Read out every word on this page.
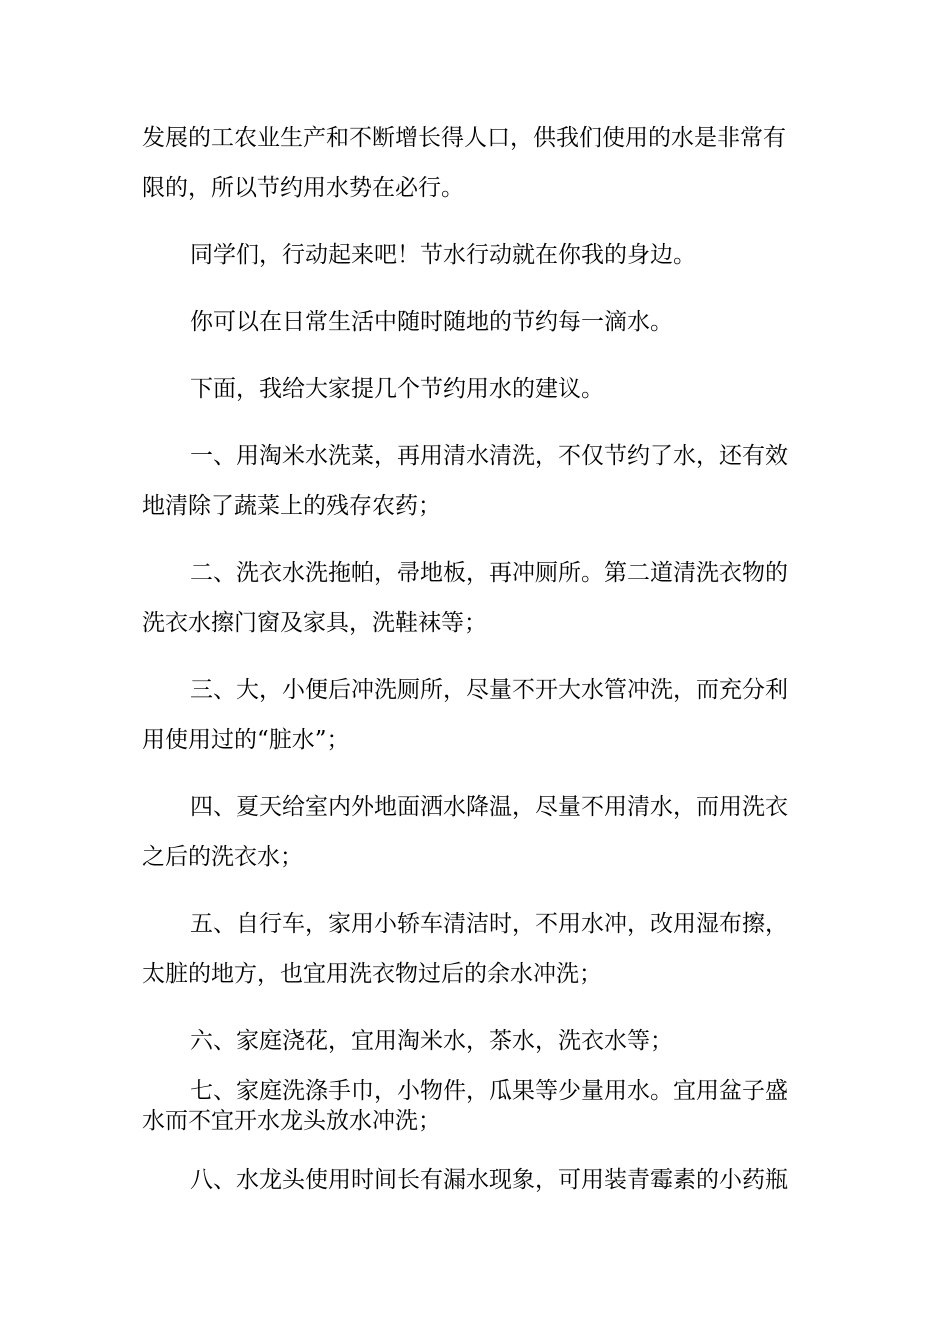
发展的工农业生产和不断增长得人口，供我们使用的水是非常有
限的，所以节约用水势在必行。
同学们，行动起来吧！节水行动就在你我的身边。
你可以在日常生活中随时随地的节约每一滴水。
下面，我给大家提几个节约用水的建议。
一、用淘米水洗菜，再用清水清洗，不仅节约了水，还有效
地清除了蔬菜上的残存农药；
二、洗衣水洗拖帕，帚地板，再冲厕所。第二道清洗衣物的
洗衣水擦门窗及家具，洗鞋袜等；
三、大，小便后冲洗厕所，尽量不开大水管冲洗，而充分利
用使用过的“脏水”；
四、夏天给室内外地面洒水降温，尽量不用清水，而用洗衣
之后的洗衣水；
五、自行车，家用小轿车清洁时，不用水冲，改用湿布擦，
太脏的地方，也宜用洗衣物过后的余水冲洗；
六、家庭浇花，宜用淘米水，茶水，洗衣水等；
七、家庭洗涤手巾，小物件，瓜果等少量用水。宜用盆子盛
水而不宜开水龙头放水冲洗；
八、水龙头使用时间长有漏水现象，可用装青霉素的小药瓶
